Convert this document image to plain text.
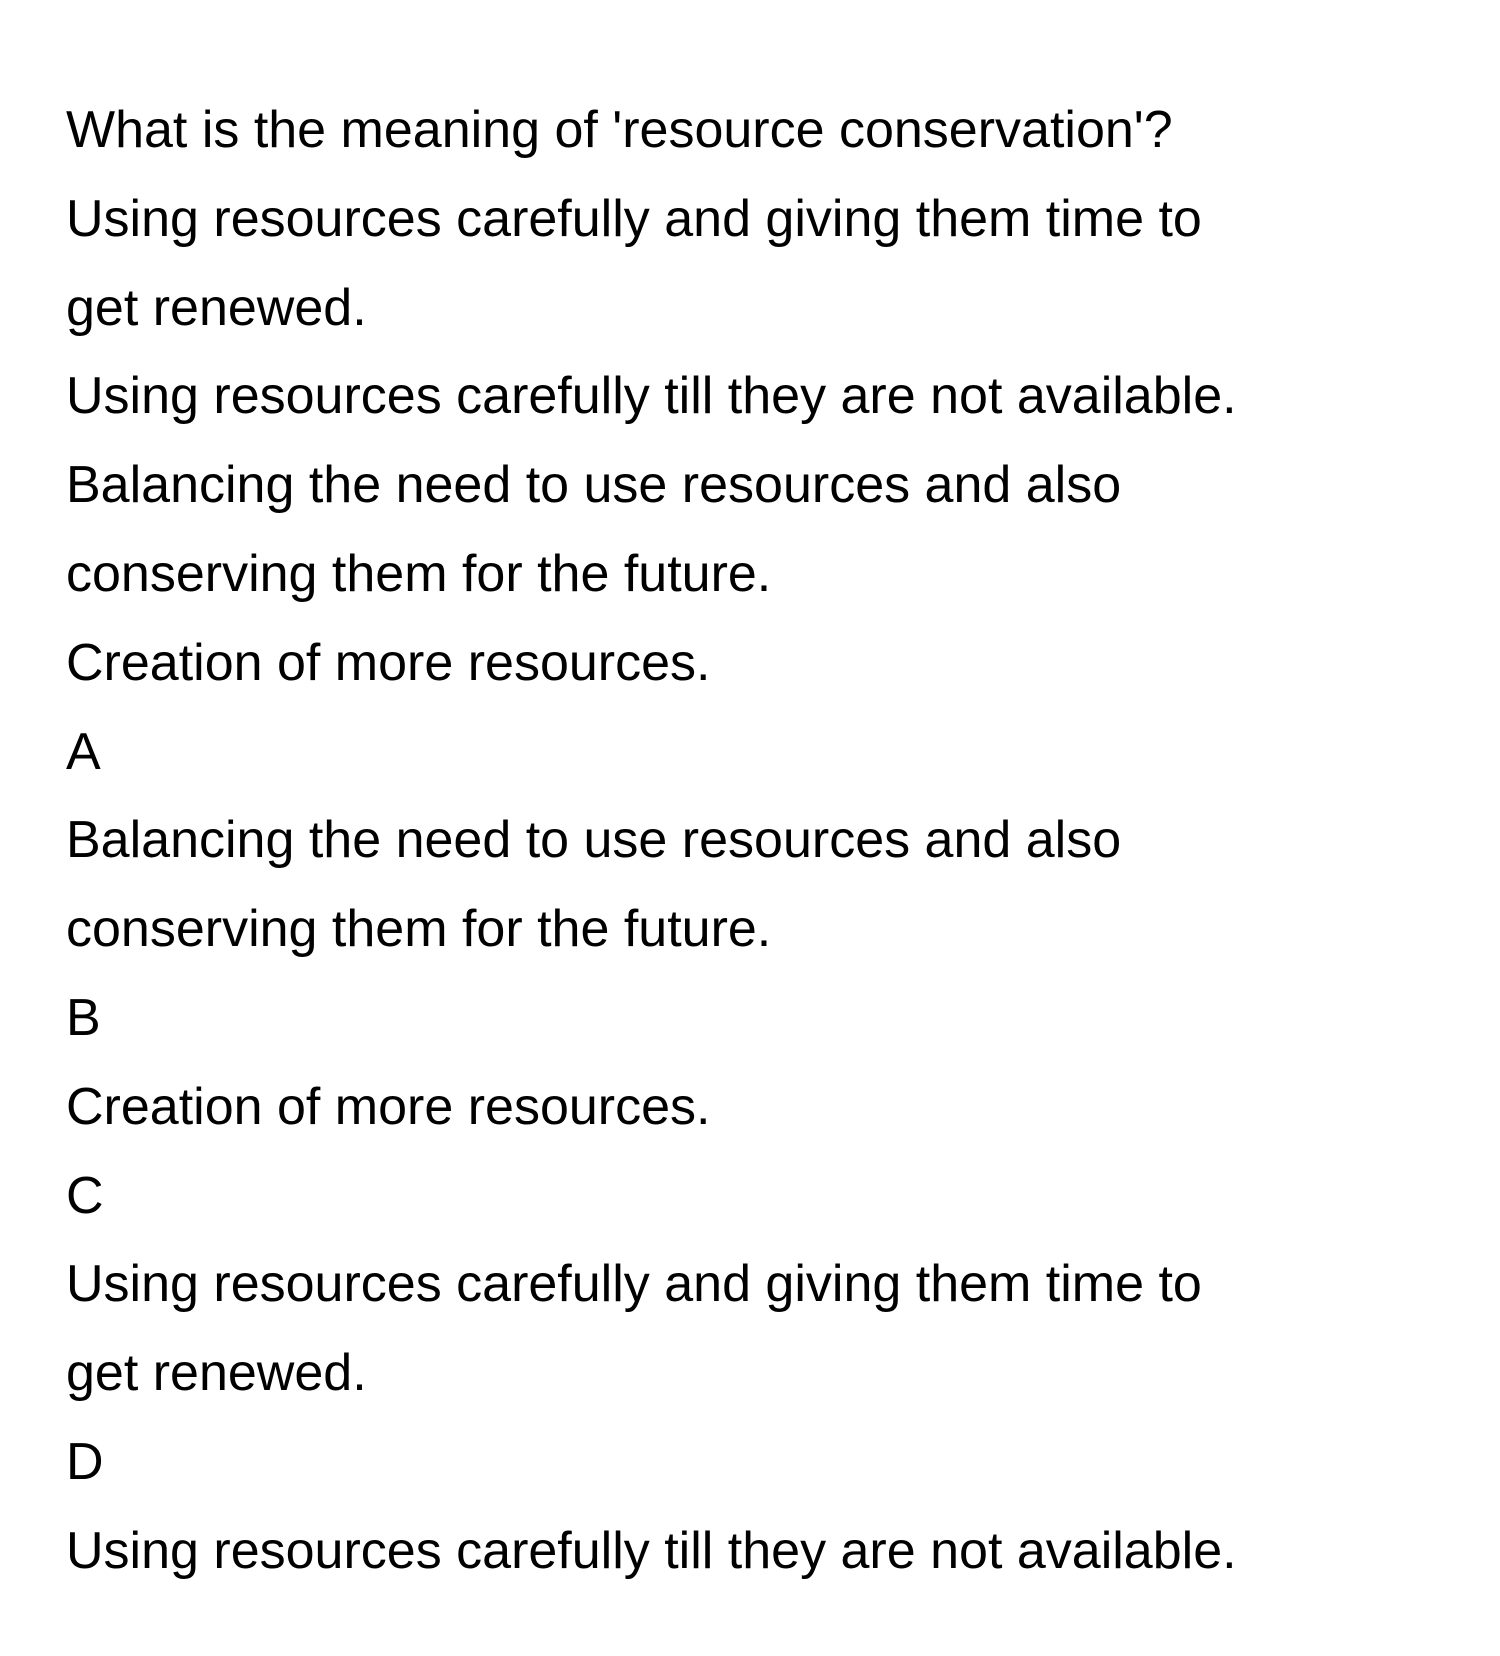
What is the meaning of 'resource conservation'?
Using resources carefully and giving them time to
get renewed.
Using resources carefully till they are not available.
Balancing the need to use resources and also
conserving them for the future.
Creation of more resources.
A
Balancing the need to use resources and also
conserving them for the future.
B
Creation of more resources.
C
Using resources carefully and giving them time to
get renewed.
D
Using resources carefully till they are not available.
